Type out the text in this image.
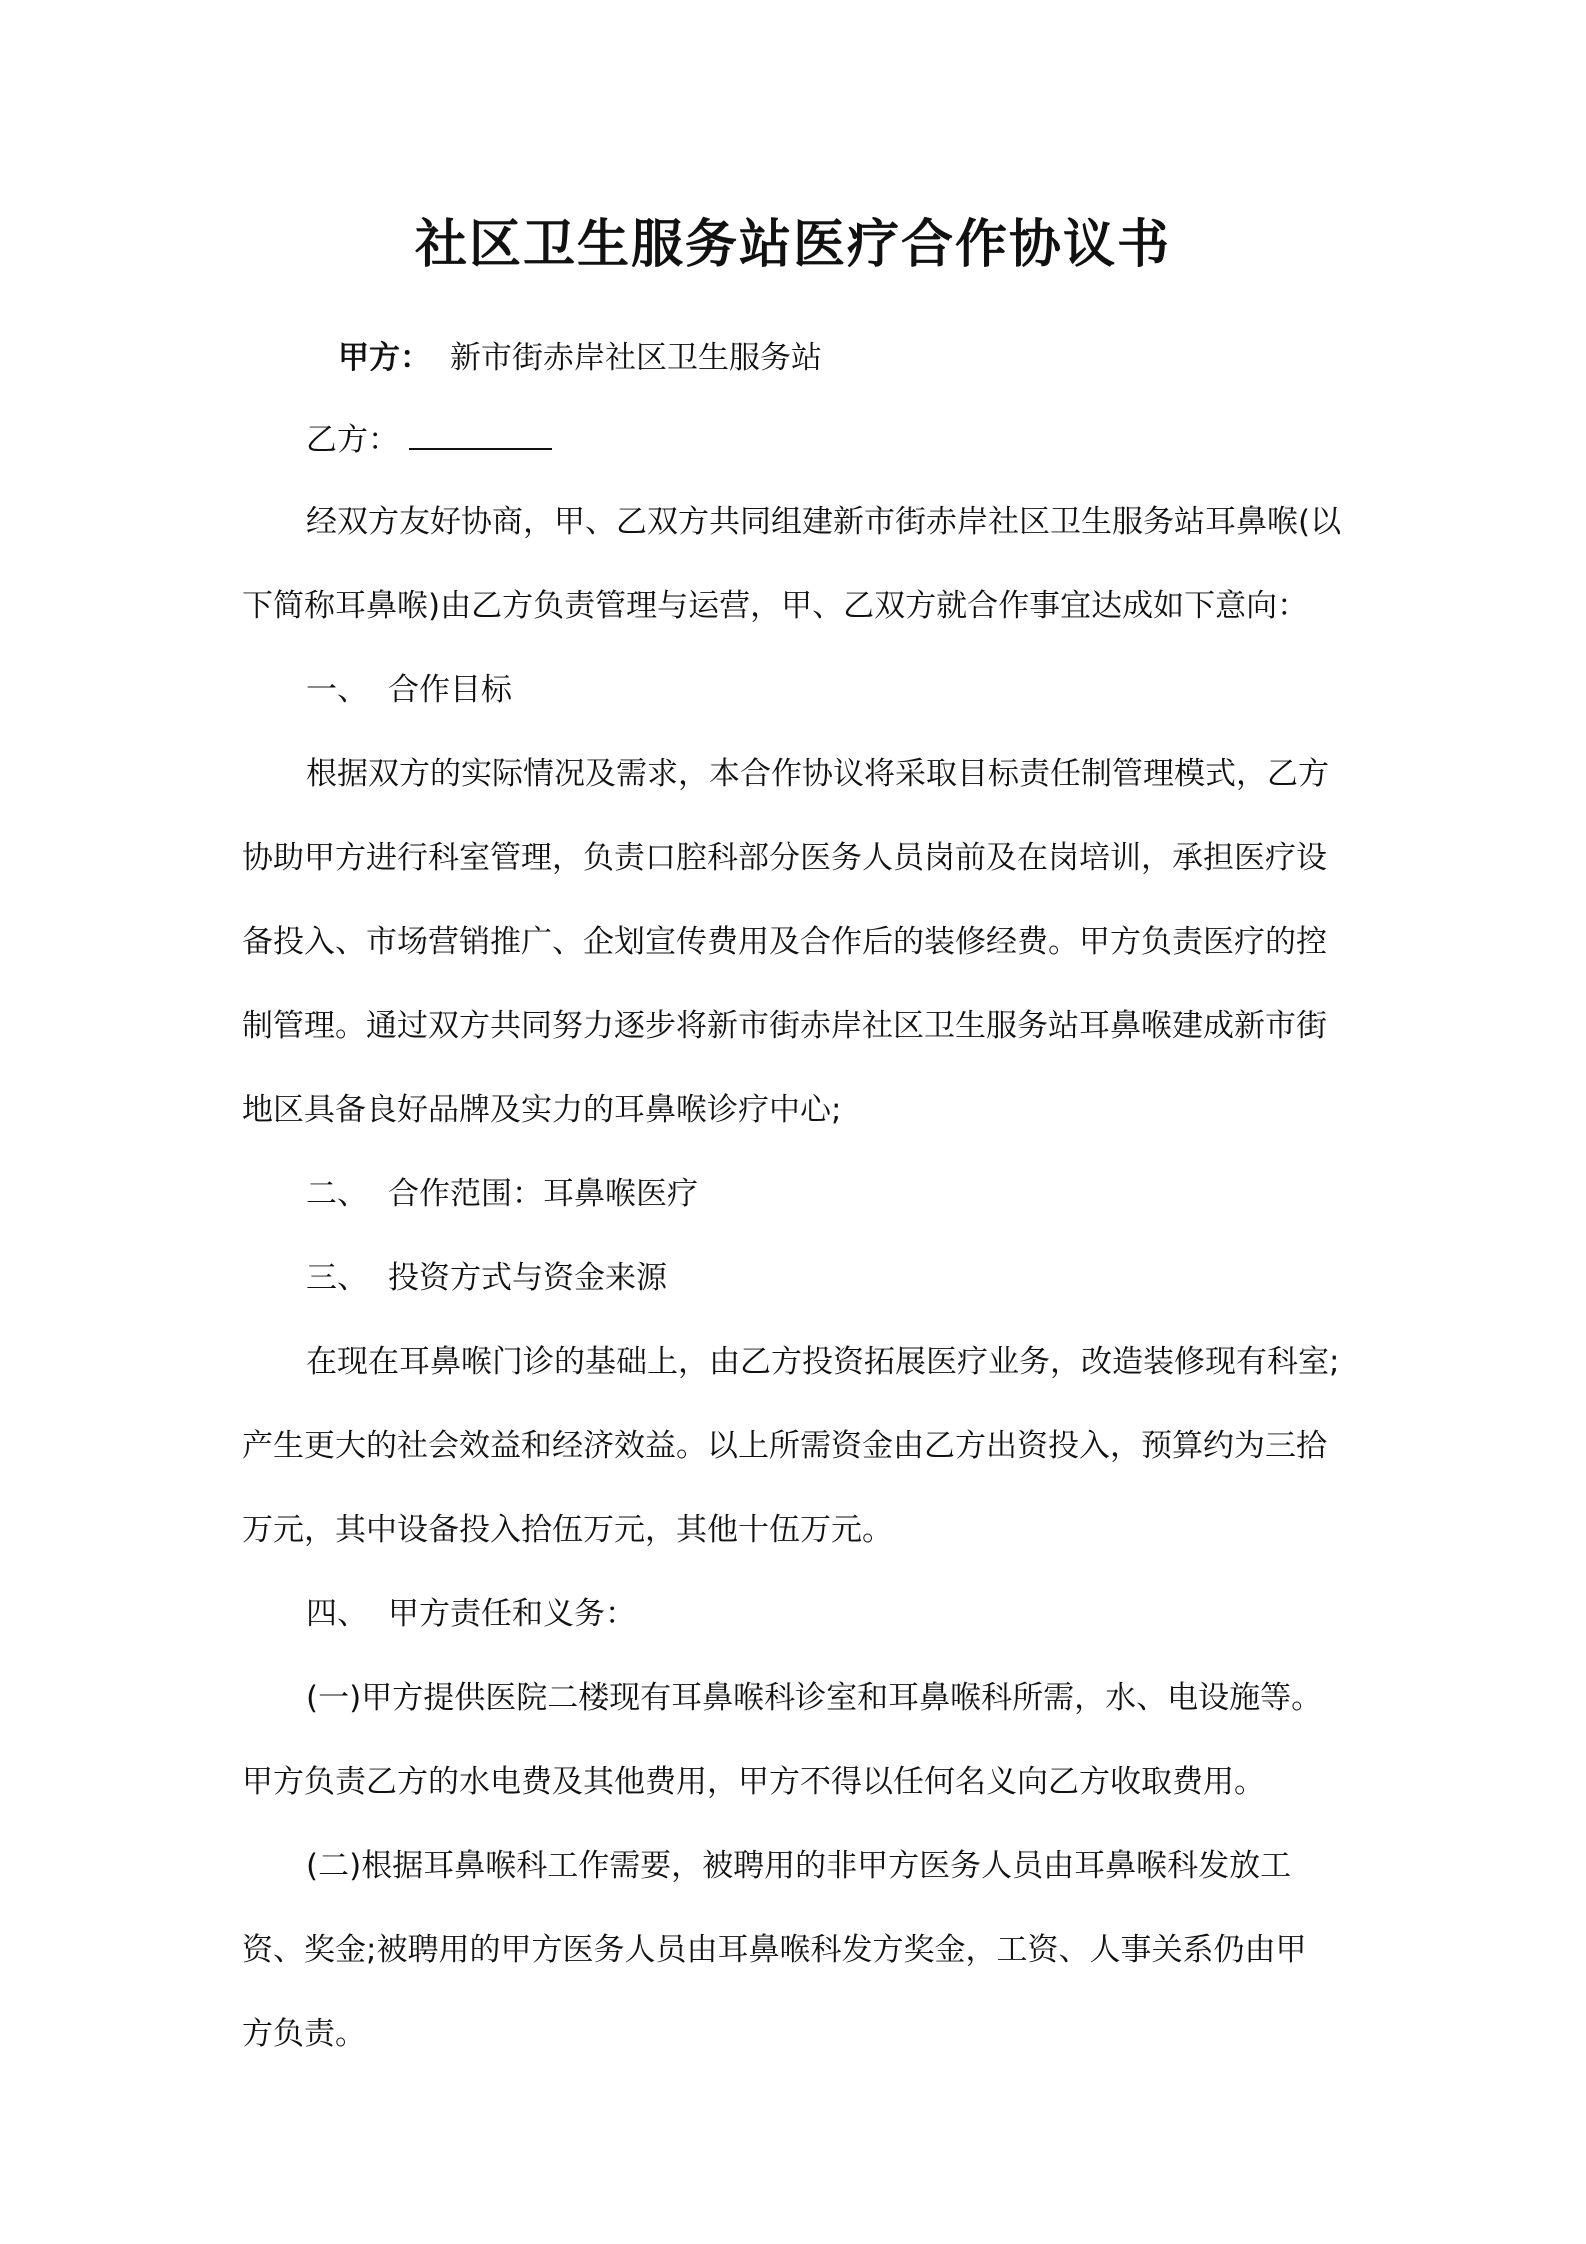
社区卫生服务站医疗合作协议书
甲方： 新市街赤岸社区卫生服务站
乙方：
经双方友好协商，甲、乙双方共同组建新市街赤岸社区卫生服务站耳鼻喉(以
下简称耳鼻喉)由乙方负责管理与运营，甲、乙双方就合作事宜达成如下意向：
一、 合作目标
根据双方的实际情况及需求，本合作协议将采取目标责任制管理模式，乙方
协助甲方进行科室管理，负责口腔科部分医务人员岗前及在岗培训，承担医疗设
备投入、市场营销推广、企划宣传费用及合作后的装修经费。甲方负责医疗的控
制管理。通过双方共同努力逐步将新市街赤岸社区卫生服务站耳鼻喉建成新市街
地区具备良好品牌及实力的耳鼻喉诊疗中心;
二、 合作范围：耳鼻喉医疗
三、 投资方式与资金来源
在现在耳鼻喉门诊的基础上，由乙方投资拓展医疗业务，改造装修现有科室;
产生更大的社会效益和经济效益。以上所需资金由乙方出资投入，预算约为三拾
万元，其中设备投入拾伍万元，其他十伍万元。
四、 甲方责任和义务：
(一)甲方提供医院二楼现有耳鼻喉科诊室和耳鼻喉科所需，水、电设施等。
甲方负责乙方的水电费及其他费用，甲方不得以任何名义向乙方收取费用。
(二)根据耳鼻喉科工作需要，被聘用的非甲方医务人员由耳鼻喉科发放工
资、奖金;被聘用的甲方医务人员由耳鼻喉科发方奖金，工资、人事关系仍由甲
方负责。
